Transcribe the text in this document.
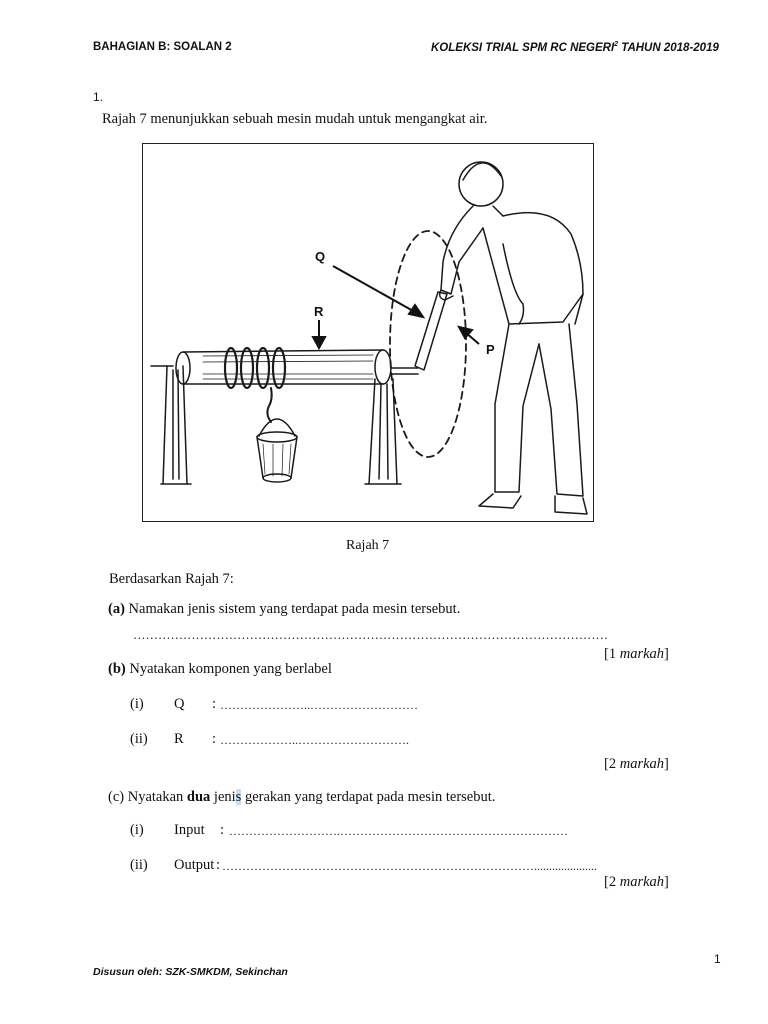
BAHAGIAN B: SOALAN 2	KOLEKSI TRIAL SPM RC NEGERI$^2$ TAHUN 2018-2019
1.
Rajah 7 menunjukkan sebuah mesin mudah untuk mengangkat air.
Q
R
P
Rajah 7
Berdasarkan Rajah 7:
(a) Namakan jenis sistem yang terdapat pada mesin tersebut.
……………………………………………………………………………………………………
[1 markah]
(b) Nyatakan komponen yang berlabel
(i) Q : …………………..………………………
(ii) R : ………………..……………………….
[2 markah]
(c) Nyatakan dua jenis gerakan yang terdapat pada mesin tersebut.
(i) Input : ……………………….…………………………………………………
(ii) Output : …………………………………………………………………….....................
[2 markah]
1
Disusun oleh: SZK-SMKDM, Sekinchan
